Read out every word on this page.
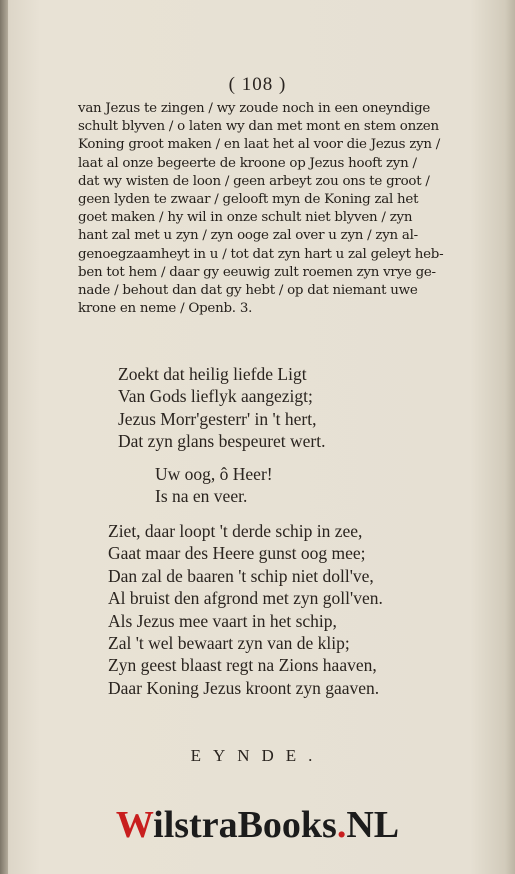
( 108 )
van Jezus te zingen / wy zoude noch in een oneyndige
schult blyven / o laten wy dan met mont en stem onzen
Koning groot maken / en laat het al voor die Jezus zyn /
laat al onze begeerte de kroone op Jezus hooft zyn /
dat wy wisten de loon / geen arbeyt zou ons te groot /
geen lyden te zwaar / gelooft myn de Koning zal het
goet maken / hy wil in onze schult niet blyven / zyn
hant zal met u zyn / zyn ooge zal over u zyn / zyn al-
genoegzaamheyt in u / tot dat zyn hart u zal geleyt heb-
ben tot hem / daar gy eeuwig zult roemen zyn vrye ge-
nade / behout dan dat gy hebt / op dat niemant uwe
krone en neme / Openb. 3.
Zoekt dat heilig liefde Ligt
Van Gods lieflyk aangezigt;
Jezus Morr'gesterr' in 't hert,
Dat zyn glans bespeuret wert.
Uw oog, ô Heer!
Is na en veer.
Ziet, daar loopt 't derde schip in zee,
Gaat maar des Heere gunst oog mee;
Dan zal de baaren 't schip niet doll've,
Al bruist den afgrond met zyn goll'ven.
Als Jezus mee vaart in het schip,
Zal 't wel bewaart zyn van de klip;
Zyn geest blaast regt na Zions haaven,
Daar Koning Jezus kroont zyn gaaven.
EYNDE.
WilstraBooks.NL
